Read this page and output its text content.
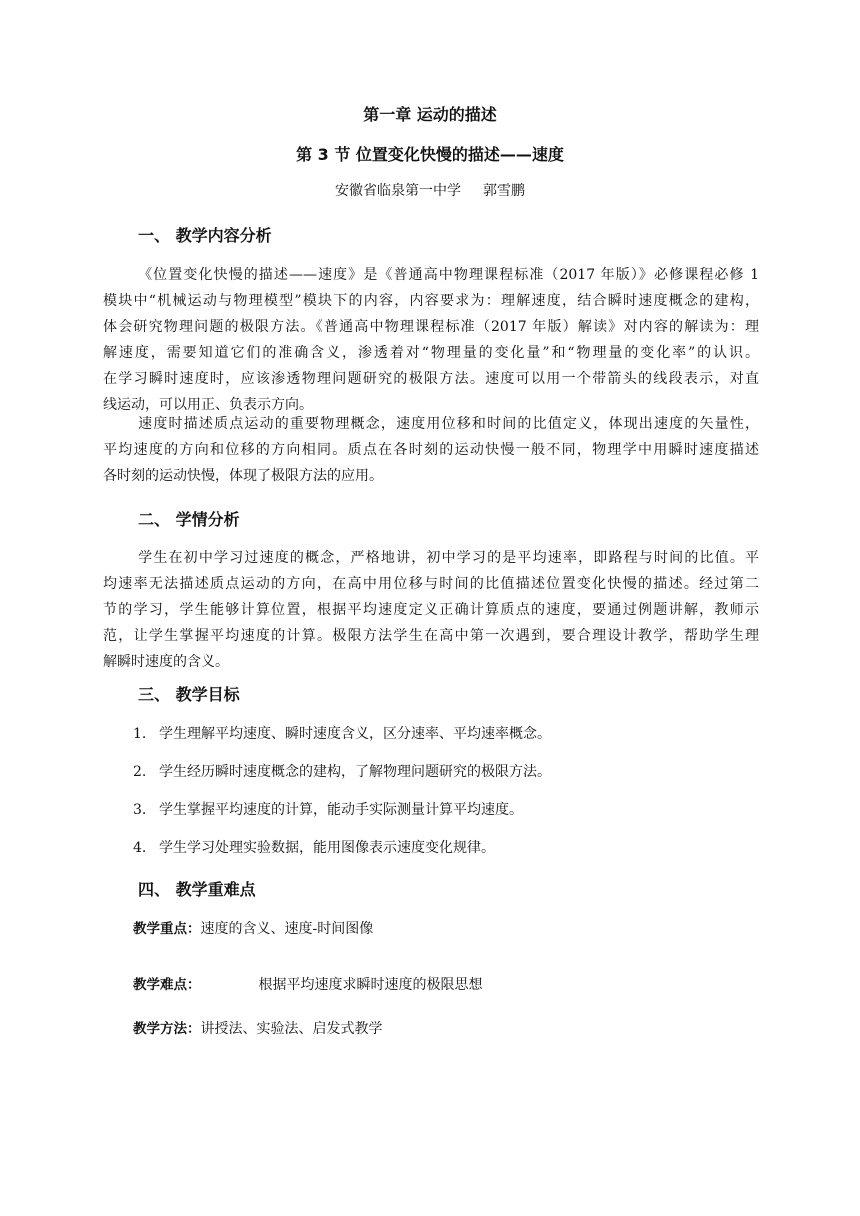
第一章 运动的描述
第 3 节 位置变化快慢的描述——速度
安徽省临泉第一中学 郭雪鹏
一、 教学内容分析
《位置变化快慢的描述——速度》是《普通高中物理课程标准（2017 年版）》必修课程必修 1
模块中“机械运动与物理模型”模块下的内容，内容要求为：理解速度，结合瞬时速度概念的建构，
体会研究物理问题的极限方法。《普通高中物理课程标准（2017 年版）解读》对内容的解读为：理
解速度，需要知道它们的准确含义，渗透着对“物理量的变化量”和“物理量的变化率”的认识。
在学习瞬时速度时，应该渗透物理问题研究的极限方法。速度可以用一个带箭头的线段表示，对直
线运动，可以用正、负表示方向。
速度时描述质点运动的重要物理概念，速度用位移和时间的比值定义，体现出速度的矢量性，
平均速度的方向和位移的方向相同。质点在各时刻的运动快慢一般不同，物理学中用瞬时速度描述
各时刻的运动快慢，体现了极限方法的应用。
二、 学情分析
学生在初中学习过速度的概念，严格地讲，初中学习的是平均速率，即路程与时间的比值。平
均速率无法描述质点运动的方向，在高中用位移与时间的比值描述位置变化快慢的描述。经过第二
节的学习，学生能够计算位置，根据平均速度定义正确计算质点的速度，要通过例题讲解，教师示
范，让学生掌握平均速度的计算。极限方法学生在高中第一次遇到，要合理设计教学，帮助学生理
解瞬时速度的含义。
三、 教学目标
1. 学生理解平均速度、瞬时速度含义，区分速率、平均速率概念。
2. 学生经历瞬时速度概念的建构，了解物理问题研究的极限方法。
3. 学生掌握平均速度的计算，能动手实际测量计算平均速度。
4. 学生学习处理实验数据，能用图像表示速度变化规律。
四、 教学重难点
教学重点：速度的含义、速度-时间图像
教学难点：	根据平均速度求瞬时速度的极限思想
教学方法：讲授法、实验法、启发式教学
